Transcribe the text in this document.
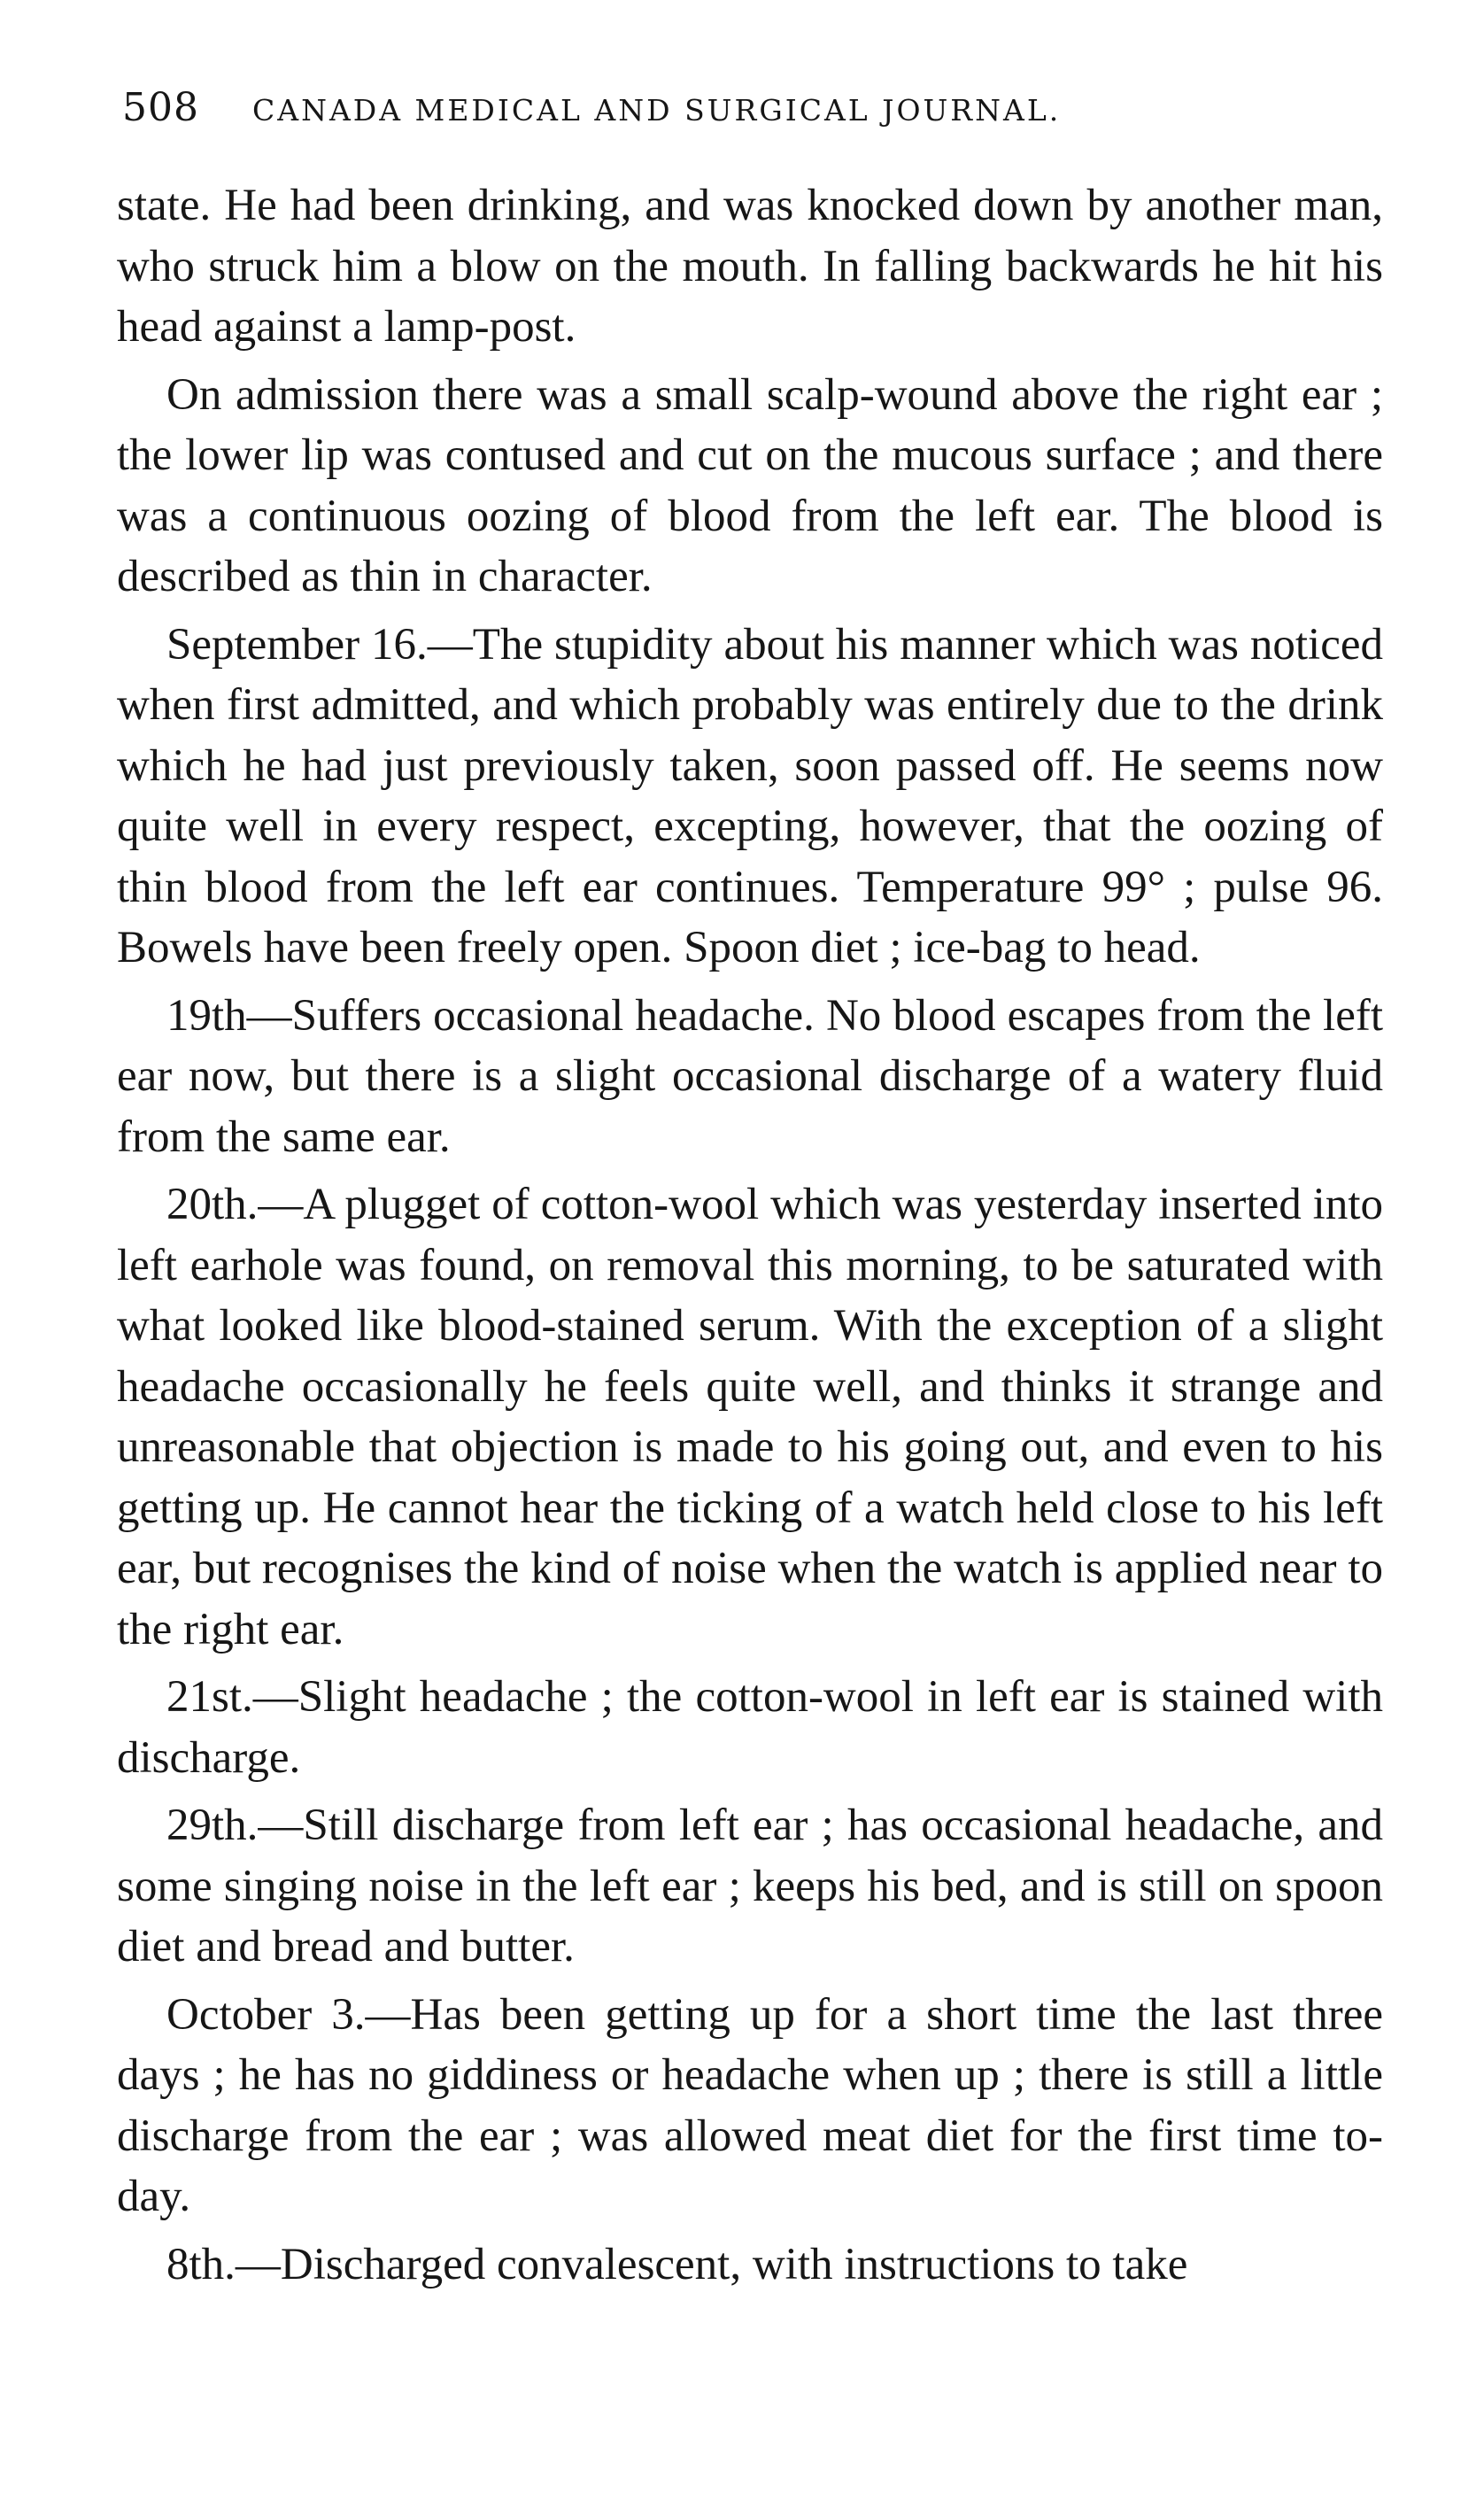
508 CANADA MEDICAL AND SURGICAL JOURNAL.

state. He had been drinking, and was knocked down by another man, who struck him a blow on the mouth. In falling backwards he hit his head against a lamp-post.

On admission there was a small scalp-wound above the right ear ; the lower lip was contused and cut on the mucous surface ; and there was a continuous oozing of blood from the left ear. The blood is described as thin in character.

September 16.—The stupidity about his manner which was noticed when first admitted, and which probably was entirely due to the drink which he had just previously taken, soon passed off. He seems now quite well in every respect, excepting, however, that the oozing of thin blood from the left ear continues. Temperature 99° ; pulse 96. Bowels have been freely open. Spoon diet ; ice-bag to head.

19th—Suffers occasional headache. No blood escapes from the left ear now, but there is a slight occasional discharge of a watery fluid from the same ear.

20th.—A plugget of cotton-wool which was yesterday inserted into left earhole was found, on removal this morning, to be saturated with what looked like blood-stained serum. With the exception of a slight headache occasionally he feels quite well, and thinks it strange and unreasonable that objection is made to his going out, and even to his getting up. He cannot hear the ticking of a watch held close to his left ear, but recognises the kind of noise when the watch is applied near to the right ear.

21st.—Slight headache ; the cotton-wool in left ear is stained with discharge.

29th.—Still discharge from left ear ; has occasional headache, and some singing noise in the left ear ; keeps his bed, and is still on spoon diet and bread and butter.

October 3.—Has been getting up for a short time the last three days ; he has no giddiness or headache when up ; there is still a little discharge from the ear ; was allowed meat diet for the first time to-day.

8th.—Discharged convalescent, with instructions to take
